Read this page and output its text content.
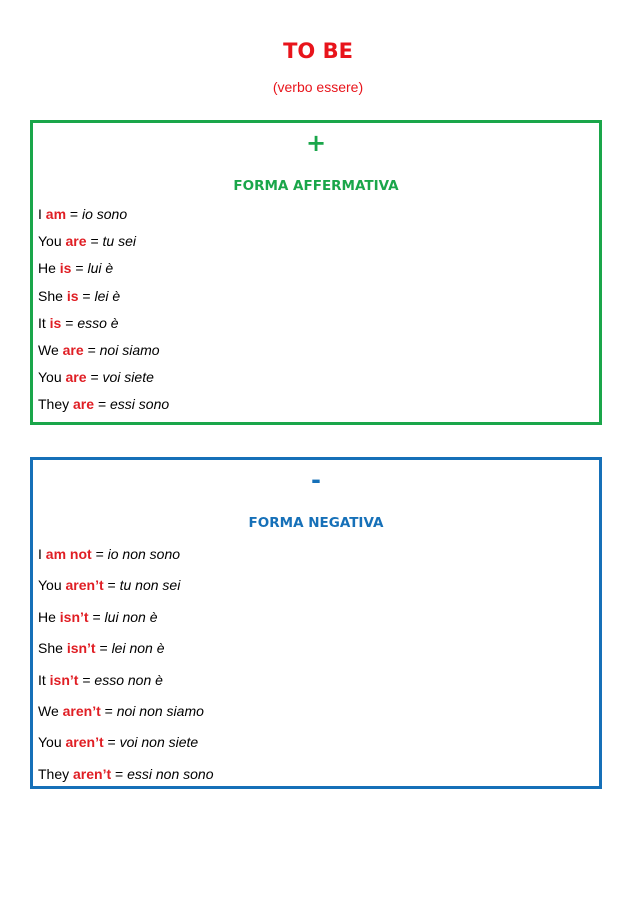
TO BE
(verbo essere)
+
FORMA AFFERMATIVA
I am = io sono
You are = tu sei
He is = lui è
She is = lei è
It is = esso è
We are = noi siamo
You are = voi siete
They are = essi sono
-
FORMA NEGATIVA
I am not = io non sono
You aren’t = tu non sei
He isn’t = lui non è
She isn’t = lei non è
It isn’t = esso non è
We aren’t = noi non siamo
You aren’t = voi non siete
They aren’t = essi non sono
